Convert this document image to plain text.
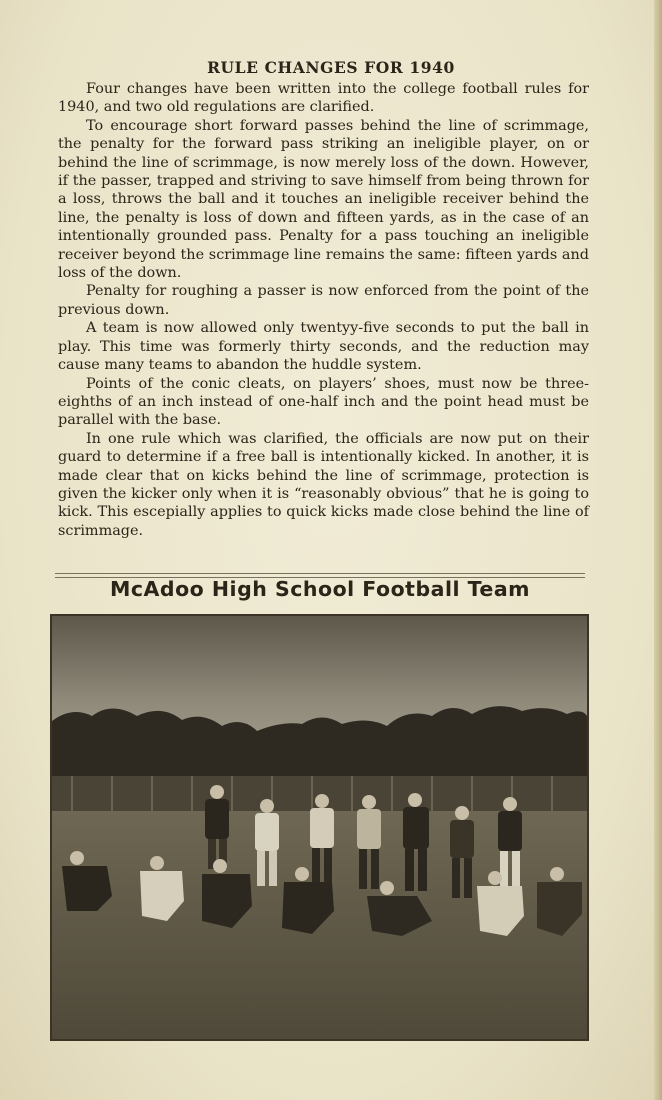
RULE CHANGES FOR 1940

Four changes have been written into the college football rules for 1940, and two old regulations are clarified.

To encourage short forward passes behind the line of scrimmage, the penalty for the forward pass striking an ineligible player, on or behind the line of scrimmage, is now merely loss of the down. However, if the passer, trapped and striving to save himself from being thrown for a loss, throws the ball and it touches an ineligible receiver behind the line, the penalty is loss of down and fifteen yards, as in the case of an intentionally grounded pass. Penalty for a pass touching an ineligible receiver beyond the scrimmage line remains the same: fifteen yards and loss of the down.

Penalty for roughing a passer is now enforced from the point of the previous down.

A team is now allowed only twentyy-five seconds to put the ball in play. This time was formerly thirty seconds, and the reduction may cause many teams to abandon the huddle system.

Points of the conic cleats, on players’ shoes, must now be three-eighths of an inch instead of one-half inch and the point head must be parallel with the base.

In one rule which was clarified, the officials are now put on their guard to determine if a free ball is intentionally kicked. In another, it is made clear that on kicks behind the line of scrimmage, protection is given the kicker only when it is “reasonably obvious” that he is going to kick. This escepially applies to quick kicks made close behind the line of scrimmage.

McAdoo High School Football Team
